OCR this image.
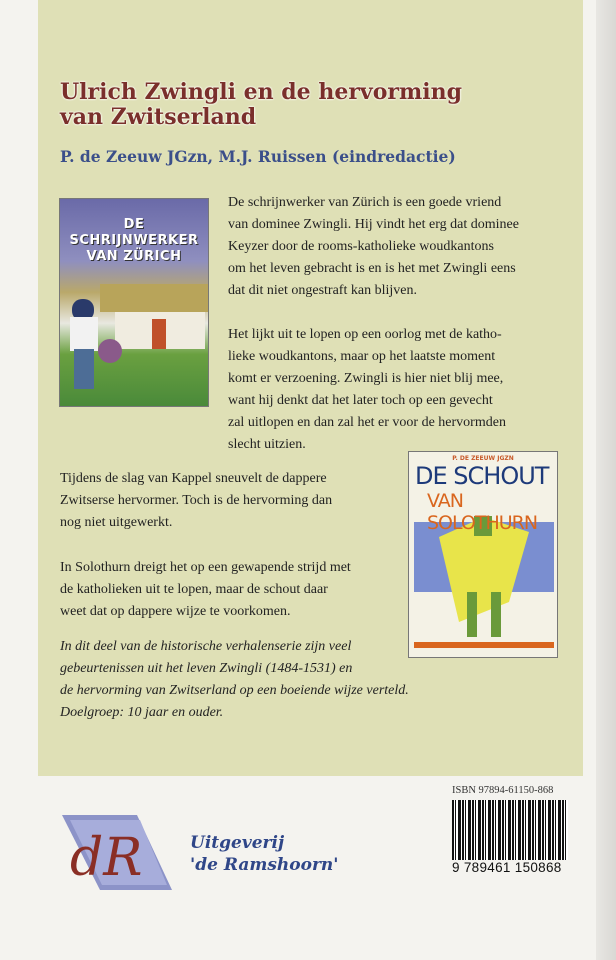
Ulrich Zwingli en de hervorming
van Zwitserland
P. de Zeeuw JGzn, M.J. Ruissen (eindredactie)
De schrijnwerker van Zürich is een goede vriend
van dominee Zwingli. Hij vindt het erg dat dominee
Keyzer door de rooms-katholieke woudkantons
om het leven gebracht is en is het met Zwingli eens
dat dit niet ongestraft kan blijven.
Het lijkt uit te lopen op een oorlog met de katho-
lieke woudkantons, maar op het laatste moment
komt er verzoening. Zwingli is hier niet blij mee,
want hij denkt dat het later toch op een gevecht
zal uitlopen en dan zal het er voor de hervormden
slecht uitzien.
Tijdens de slag van Kappel sneuvelt de dappere
Zwitserse hervormer. Toch is de hervorming dan
nog niet uitgewerkt.
In Solothurn dreigt het op een gewapende strijd met
de katholieken uit te lopen, maar de schout daar
weet dat op dappere wijze te voorkomen.
In dit deel van de historische verhalenserie zijn veel
gebeurtenissen uit het leven Zwingli (1484-1531) en
de hervorming van Zwitserland op een boeiende wijze verteld.
Doelgroep: 10 jaar en ouder.
DE
SCHRIJNWERKER
VAN ZÜRICH
P. DE ZEEUW JGZN
DE SCHOUT
VAN SOLOTHURN
dR	Uitgeverij
'de Ramshoorn'
ISBN 97894-61150-868
9 789461 150868
